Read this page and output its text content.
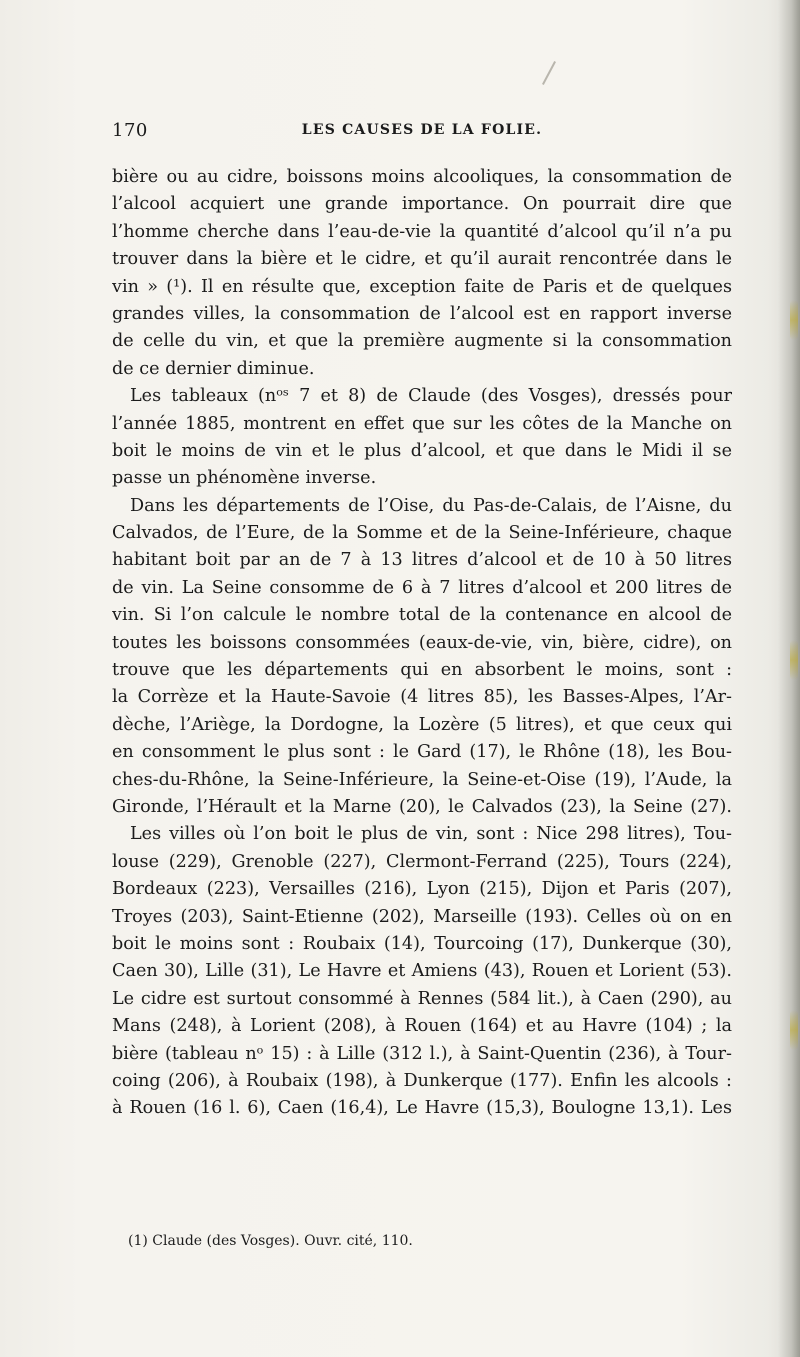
170	LES CAUSES DE LA FOLIE.
bière ou au cidre, boissons moins alcooliques, la consommation de
l’alcool acquiert une grande importance. On pourrait dire que
l’homme cherche dans l’eau-de-vie la quantité d’alcool qu’il n’a pu
trouver dans la bière et le cidre, et qu’il aurait rencontrée dans le
vin » (¹). Il en résulte que, exception faite de Paris et de quelques
grandes villes, la consommation de l’alcool est en rapport inverse
de celle du vin, et que la première augmente si la consommation
de ce dernier diminue.
Les tableaux (nᵒˢ 7 et 8) de Claude (des Vosges), dressés pour
l’année 1885, montrent en effet que sur les côtes de la Manche on
boit le moins de vin et le plus d’alcool, et que dans le Midi il se
passe un phénomène inverse.
Dans les départements de l’Oise, du Pas-de-Calais, de l’Aisne, du
Calvados, de l’Eure, de la Somme et de la Seine-Inférieure, chaque
habitant boit par an de 7 à 13 litres d’alcool et de 10 à 50 litres
de vin. La Seine consomme de 6 à 7 litres d’alcool et 200 litres de
vin. Si l’on calcule le nombre total de la contenance en alcool de
toutes les boissons consommées (eaux-de-vie, vin, bière, cidre), on
trouve que les départements qui en absorbent le moins, sont :
la Corrèze et la Haute-Savoie (4 litres 85), les Basses-Alpes, l’Ar-
dèche, l’Ariège, la Dordogne, la Lozère (5 litres), et que ceux qui
en consomment le plus sont : le Gard (17), le Rhône (18), les Bou-
ches-du-Rhône, la Seine-Inférieure, la Seine-et-Oise (19), l’Aude, la
Gironde, l’Hérault et la Marne (20), le Calvados (23), la Seine (27).
Les villes où l’on boit le plus de vin, sont : Nice 298 litres), Tou-
louse (229), Grenoble (227), Clermont-Ferrand (225), Tours (224),
Bordeaux (223), Versailles (216), Lyon (215), Dijon et Paris (207),
Troyes (203), Saint-Etienne (202), Marseille (193). Celles où on en
boit le moins sont : Roubaix (14), Tourcoing (17), Dunkerque (30),
Caen 30), Lille (31), Le Havre et Amiens (43), Rouen et Lorient (53).
Le cidre est surtout consommé à Rennes (584 lit.), à Caen (290), au
Mans (248), à Lorient (208), à Rouen (164) et au Havre (104) ; la
bière (tableau nᵒ 15) : à Lille (312 l.), à Saint-Quentin (236), à Tour-
coing (206), à Roubaix (198), à Dunkerque (177). Enfin les alcools :
à Rouen (16 l. 6), Caen (16,4), Le Havre (15,3), Boulogne 13,1). Les
(1) Claude (des Vosges). Ouvr. cité, 110.
